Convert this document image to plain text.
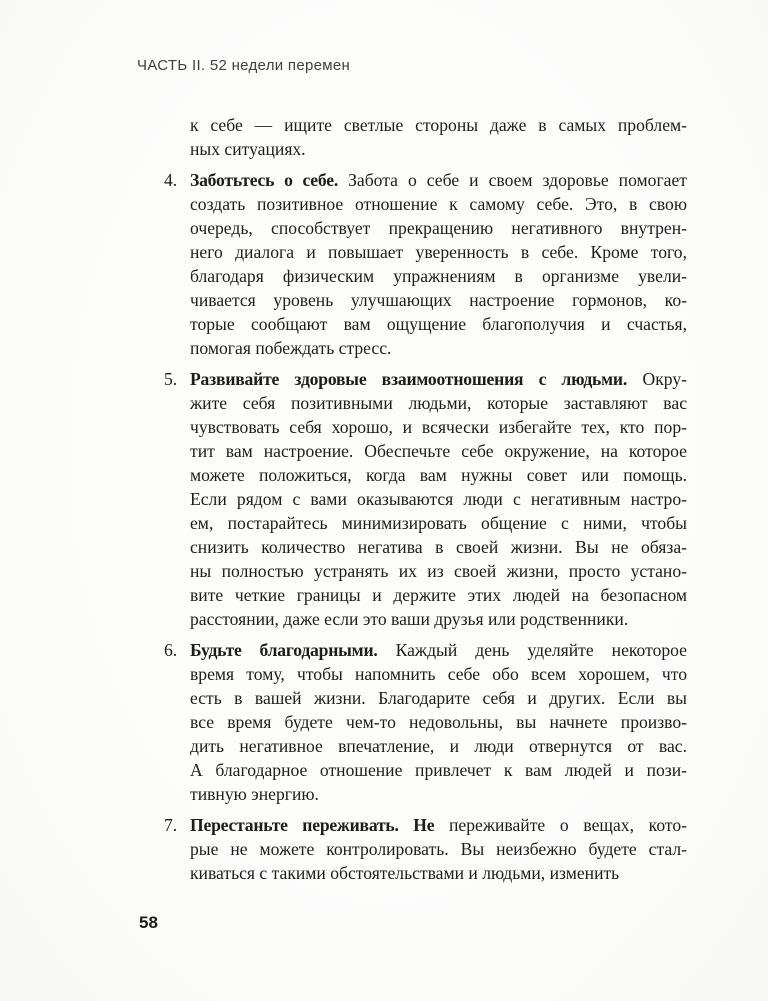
ЧАСТЬ II. 52 недели перемен
к себе — ищите светлые стороны даже в самых проблем-
ных ситуациях.
4. Заботьтесь о себе. Забота о себе и своем здоровье помогает
создать позитивное отношение к самому себе. Это, в свою
очередь, способствует прекращению негативного внутрен-
него диалога и повышает уверенность в себе. Кроме того,
благодаря физическим упражнениям в организме увели-
чивается уровень улучшающих настроение гормонов, ко-
торые сообщают вам ощущение благополучия и счастья,
помогая побеждать стресс.
5. Развивайте здоровые взаимоотношения с людьми. Окру-
жите себя позитивными людьми, которые заставляют вас
чувствовать себя хорошо, и всячески избегайте тех, кто пор-
тит вам настроение. Обеспечьте себе окружение, на которое
можете положиться, когда вам нужны совет или помощь.
Если рядом с вами оказываются люди с негативным настро-
ем, постарайтесь минимизировать общение с ними, чтобы
снизить количество негатива в своей жизни. Вы не обяза-
ны полностью устранять их из своей жизни, просто устано-
вите четкие границы и держите этих людей на безопасном
расстоянии, даже если это ваши друзья или родственники.
6. Будьте благодарными. Каждый день уделяйте некоторое
время тому, чтобы напомнить себе обо всем хорошем, что
есть в вашей жизни. Благодарите себя и других. Если вы
все время будете чем-то недовольны, вы начнете произво-
дить негативное впечатление, и люди отвернутся от вас.
А благодарное отношение привлечет к вам людей и пози-
тивную энергию.
7. Перестаньте переживать. Не переживайте о вещах, кото-
рые не можете контролировать. Вы неизбежно будете стал-
киваться с такими обстоятельствами и людьми, изменить
58
